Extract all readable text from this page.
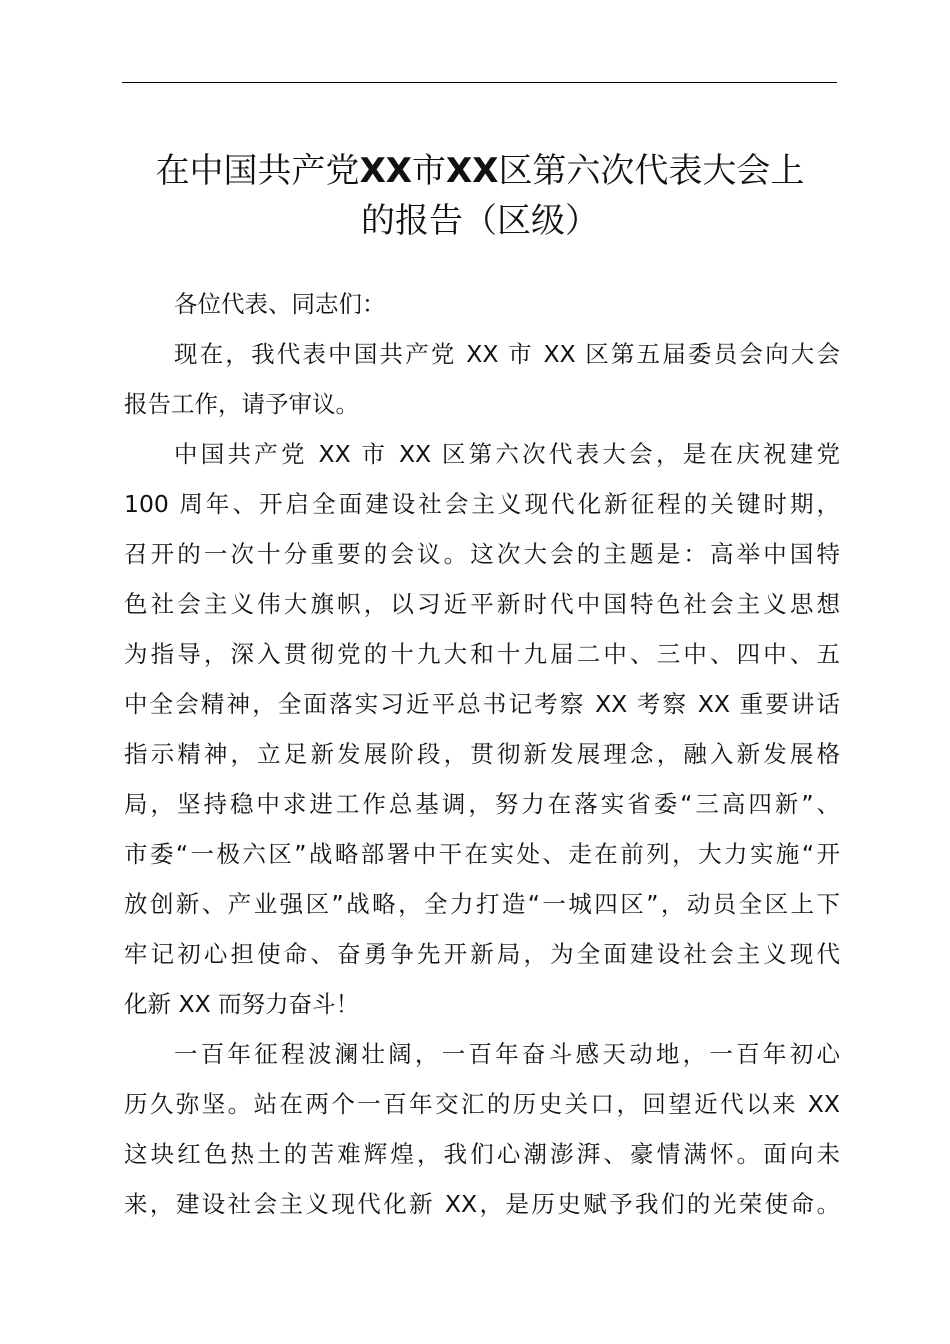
在中国共产党XX市XX区第六次代表大会上
的报告（区级）
各位代表、同志们：
现在，我代表中国共产党 XX 市 XX 区第五届委员会向大会
报告工作，请予审议。
中国共产党 XX 市 XX 区第六次代表大会，是在庆祝建党
100 周年、开启全面建设社会主义现代化新征程的关键时期，
召开的一次十分重要的会议。这次大会的主题是：高举中国特
色社会主义伟大旗帜，以习近平新时代中国特色社会主义思想
为指导，深入贯彻党的十九大和十九届二中、三中、四中、五
中全会精神，全面落实习近平总书记考察 XX 考察 XX 重要讲话
指示精神，立足新发展阶段，贯彻新发展理念，融入新发展格
局，坚持稳中求进工作总基调，努力在落实省委“三高四新”、
市委“一极六区”战略部署中干在实处、走在前列，大力实施“开
放创新、产业强区”战略，全力打造“一城四区”，动员全区上下
牢记初心担使命、奋勇争先开新局，为全面建设社会主义现代
化新 XX 而努力奋斗！
一百年征程波澜壮阔，一百年奋斗感天动地，一百年初心
历久弥坚。站在两个一百年交汇的历史关口，回望近代以来 XX
这块红色热土的苦难辉煌，我们心潮澎湃、豪情满怀。面向未
来，建设社会主义现代化新 XX，是历史赋予我们的光荣使命。
